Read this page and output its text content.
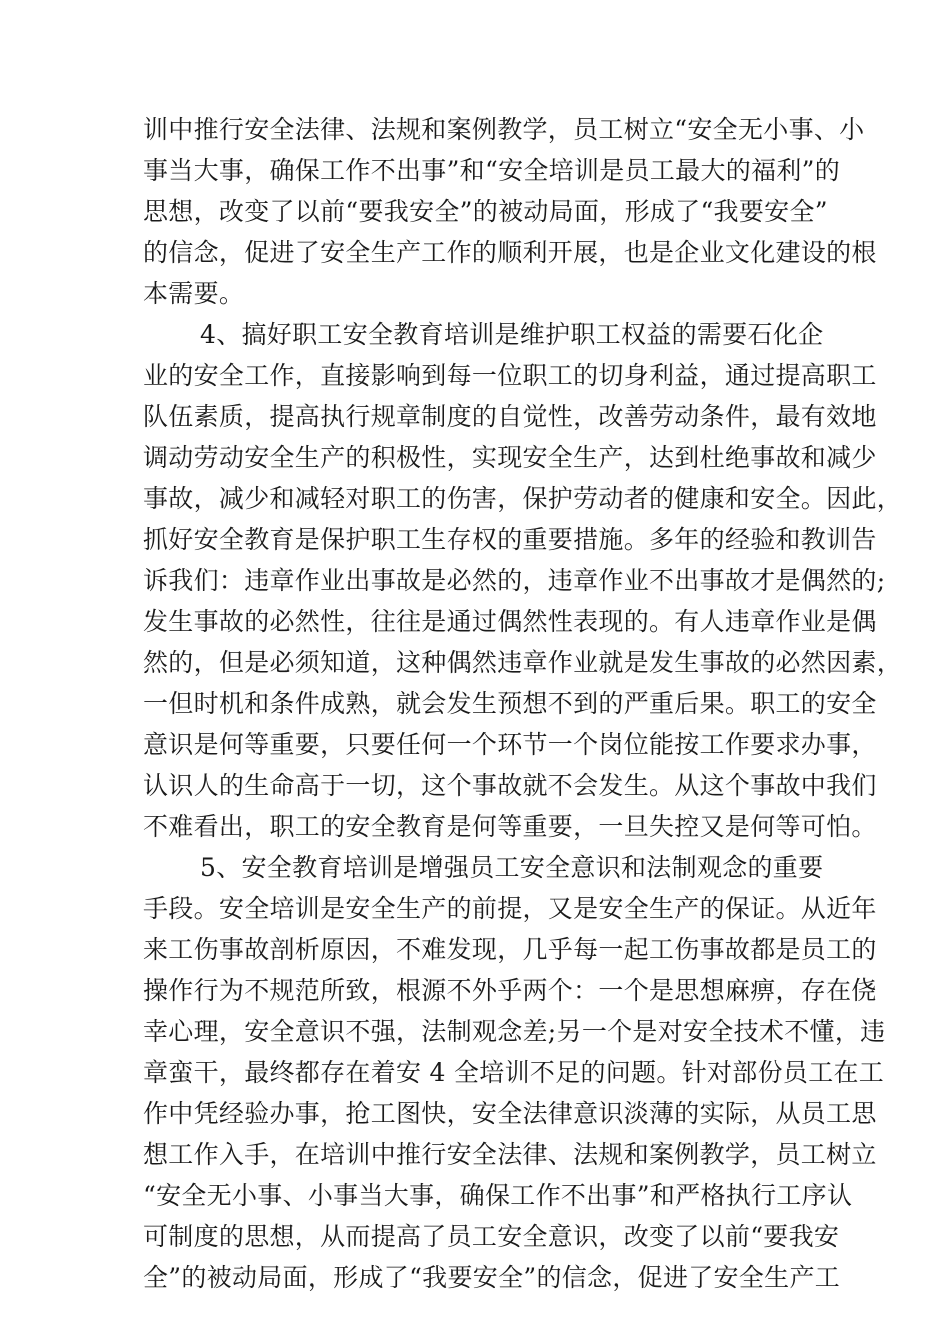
训中推行安全法律、法规和案例教学，员工树立“安全无小事、小
事当大事，确保工作不出事”和“安全培训是员工最大的福利”的
思想，改变了以前“要我安全”的被动局面，形成了“我要安全”
的信念，促进了安全生产工作的顺利开展，也是企业文化建设的根
本需要。
4、搞好职工安全教育培训是维护职工权益的需要石化企
业的安全工作，直接影响到每一位职工的切身利益，通过提高职工
队伍素质，提高执行规章制度的自觉性，改善劳动条件，最有效地
调动劳动安全生产的积极性，实现安全生产，达到杜绝事故和减少
事故，减少和减轻对职工的伤害，保护劳动者的健康和安全。因此，
抓好安全教育是保护职工生存权的重要措施。多年的经验和教训告
诉我们：违章作业出事故是必然的，违章作业不出事故才是偶然的;
发生事故的必然性，往往是通过偶然性表现的。有人违章作业是偶
然的，但是必须知道，这种偶然违章作业就是发生事故的必然因素，
一但时机和条件成熟，就会发生预想不到的严重后果。职工的安全
意识是何等重要，只要任何一个环节一个岗位能按工作要求办事，
认识人的生命高于一切，这个事故就不会发生。从这个事故中我们
不难看出，职工的安全教育是何等重要，一旦失控又是何等可怕。
5、安全教育培训是增强员工安全意识和法制观念的重要
手段。安全培训是安全生产的前提，又是安全生产的保证。从近年
来工伤事故剖析原因，不难发现，几乎每一起工伤事故都是员工的
操作行为不规范所致，根源不外乎两个：一个是思想麻痹，存在侥
幸心理，安全意识不强，法制观念差;另一个是对安全技术不懂，违
章蛮干，最终都存在着安 4 全培训不足的问题。针对部份员工在工
作中凭经验办事，抢工图快，安全法律意识淡薄的实际，从员工思
想工作入手，在培训中推行安全法律、法规和案例教学，员工树立
“安全无小事、小事当大事，确保工作不出事”和严格执行工序认
可制度的思想，从而提高了员工安全意识，改变了以前“要我安
全”的被动局面，形成了“我要安全”的信念，促进了安全生产工
